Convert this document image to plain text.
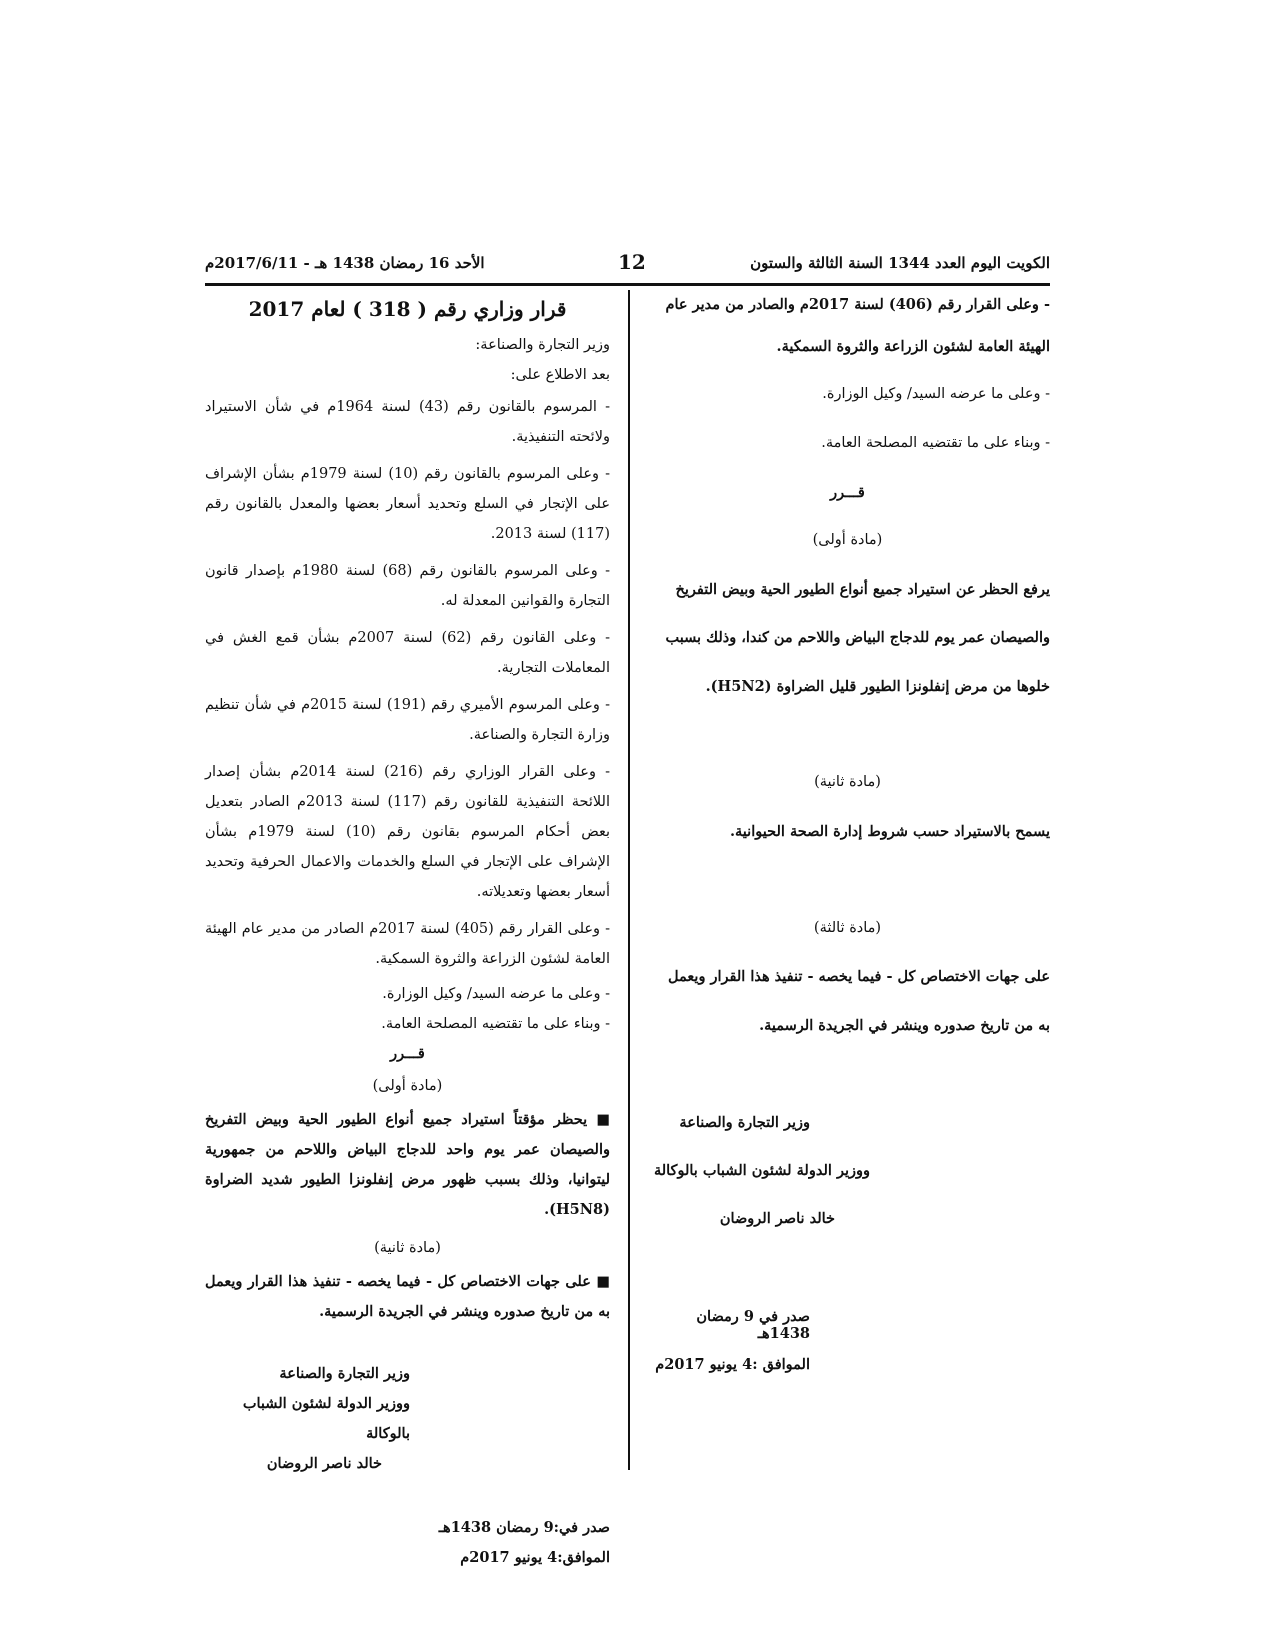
الكويت اليوم العدد 1344 السنة الثالثة والستون
12
الأحد 16 رمضان 1438 هـ - 2017/6/11م

- وعلى القرار رقم (406) لسنة 2017م والصادر من مدير عام

الهيئة العامة لشئون الزراعة والثروة السمكية.

- وعلى ما عرضه السيد/ وكيل الوزارة.

- وبناء على ما تقتضيه المصلحة العامة.

قـــرر

(مادة أولى)

يرفع الحظر عن استيراد جميع أنواع الطيور الحية وبيض التفريخ

والصيصان عمر يوم للدجاج البياض واللاحم من كندا، وذلك بسبب

خلوها من مرض إنفلونزا الطيور قليل الضراوة (H5N2).

(مادة ثانية)

يسمح بالاستيراد حسب شروط إدارة الصحة الحيوانية.

(مادة ثالثة)

على جهات الاختصاص كل - فيما يخصه - تنفيذ هذا القرار ويعمل

به من تاريخ صدوره وينشر في الجريدة الرسمية.

وزير التجارة والصناعة

ووزير الدولة لشئون الشباب بالوكالة

خالد ناصر الروضان

صدر في 9 رمضان 1438هـ

الموافق :4 يونيو 2017م

قرار وزاري رقم ( 318 ) لعام 2017
وزير التجارة والصناعة:
بعد الاطلاع على:
- المرسوم بالقانون رقم (43) لسنة 1964م في شأن الاستيراد ولائحته التنفيذية.
- وعلى المرسوم بالقانون رقم (10) لسنة 1979م بشأن الإشراف على الإتجار في السلع وتحديد أسعار بعضها والمعدل بالقانون رقم (117) لسنة 2013.
- وعلى المرسوم بالقانون رقم (68) لسنة 1980م بإصدار قانون التجارة والقوانين المعدلة له.
- وعلى القانون رقم (62) لسنة 2007م بشأن قمع الغش في المعاملات التجارية.
- وعلى المرسوم الأميري رقم (191) لسنة 2015م في شأن تنظيم وزارة التجارة والصناعة.
- وعلى القرار الوزاري رقم (216) لسنة 2014م بشأن إصدار اللائحة التنفيذية للقانون رقم (117) لسنة 2013م الصادر بتعديل بعض أحكام المرسوم بقانون رقم (10) لسنة 1979م بشأن الإشراف على الإتجار في السلع والخدمات والاعمال الحرفية وتحديد أسعار بعضها وتعديلاته.
- وعلى القرار رقم (405) لسنة 2017م الصادر من مدير عام الهيئة العامة لشئون الزراعة والثروة السمكية.
- وعلى ما عرضه السيد/ وكيل الوزارة.
- وبناء على ما تقتضيه المصلحة العامة.
قـــرر
(مادة أولى)
■ يحظر مؤقتاً استيراد جميع أنواع الطيور الحية وبيض التفريخ والصيصان عمر يوم واحد للدجاج البياض واللاحم من جمهورية ليتوانيا، وذلك بسبب ظهور مرض إنفلونزا الطيور شديد الضراوة (H5N8).
(مادة ثانية)
■ على جهات الاختصاص كل - فيما يخصه - تنفيذ هذا القرار ويعمل به من تاريخ صدوره وينشر في الجريدة الرسمية.
وزير التجارة والصناعة
ووزير الدولة لشئون الشباب بالوكالة
خالد ناصر الروضان
صدر في:9 رمضان 1438هـ
الموافق:4 يونيو 2017م
